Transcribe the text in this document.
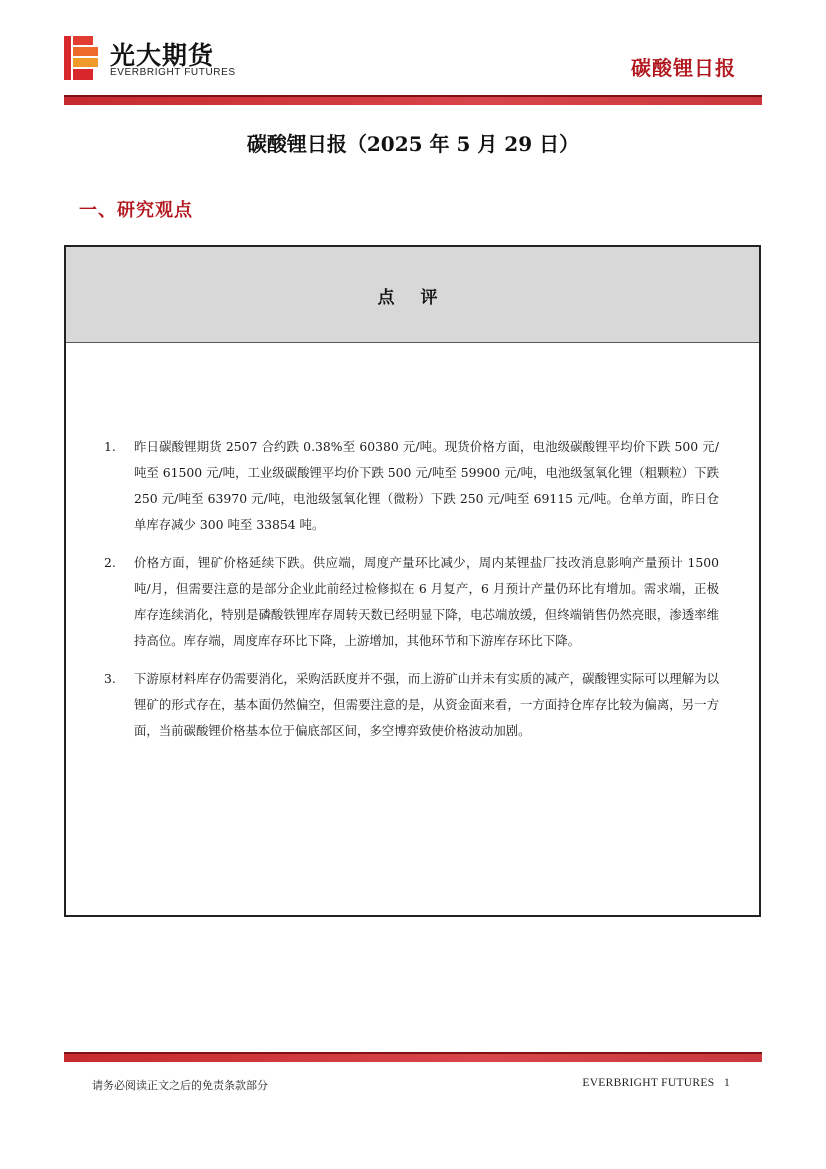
光大期货
EVERBRIGHT FUTURES	碳酸锂日报
碳酸锂日报（2025 年 5 月 29 日）
一、研究观点
点 评
1. 昨日碳酸锂期货 2507 合约跌 0.38%至 60380 元/吨。现货价格方面，电池级碳酸锂平均价下跌 500 元/吨至 61500 元/吨，工业级碳酸锂平均价下跌 500 元/吨至 59900 元/吨，电池级氢氧化锂（粗颗粒）下跌 250 元/吨至 63970 元/吨，电池级氢氧化锂（微粉）下跌 250 元/吨至 69115 元/吨。仓单方面，昨日仓单库存减少 300 吨至 33854 吨。
2. 价格方面，锂矿价格延续下跌。供应端，周度产量环比减少，周内某锂盐厂技改消息影响产量预计 1500 吨/月，但需要注意的是部分企业此前经过检修拟在 6 月复产，6 月预计产量仍环比有增加。需求端，正极库存连续消化，特别是磷酸铁锂库存周转天数已经明显下降，电芯端放缓，但终端销售仍然亮眼，渗透率维持高位。库存端，周度库存环比下降，上游增加，其他环节和下游库存环比下降。
3. 下游原材料库存仍需要消化，采购活跃度并不强，而上游矿山并未有实质的减产，碳酸锂实际可以理解为以锂矿的形式存在，基本面仍然偏空，但需要注意的是，从资金面来看，一方面持仓库存比较为偏离，另一方面，当前碳酸锂价格基本位于偏底部区间，多空博弈致使价格波动加剧。
请务必阅读正文之后的免责条款部分	EVERBRIGHT FUTURES 1
